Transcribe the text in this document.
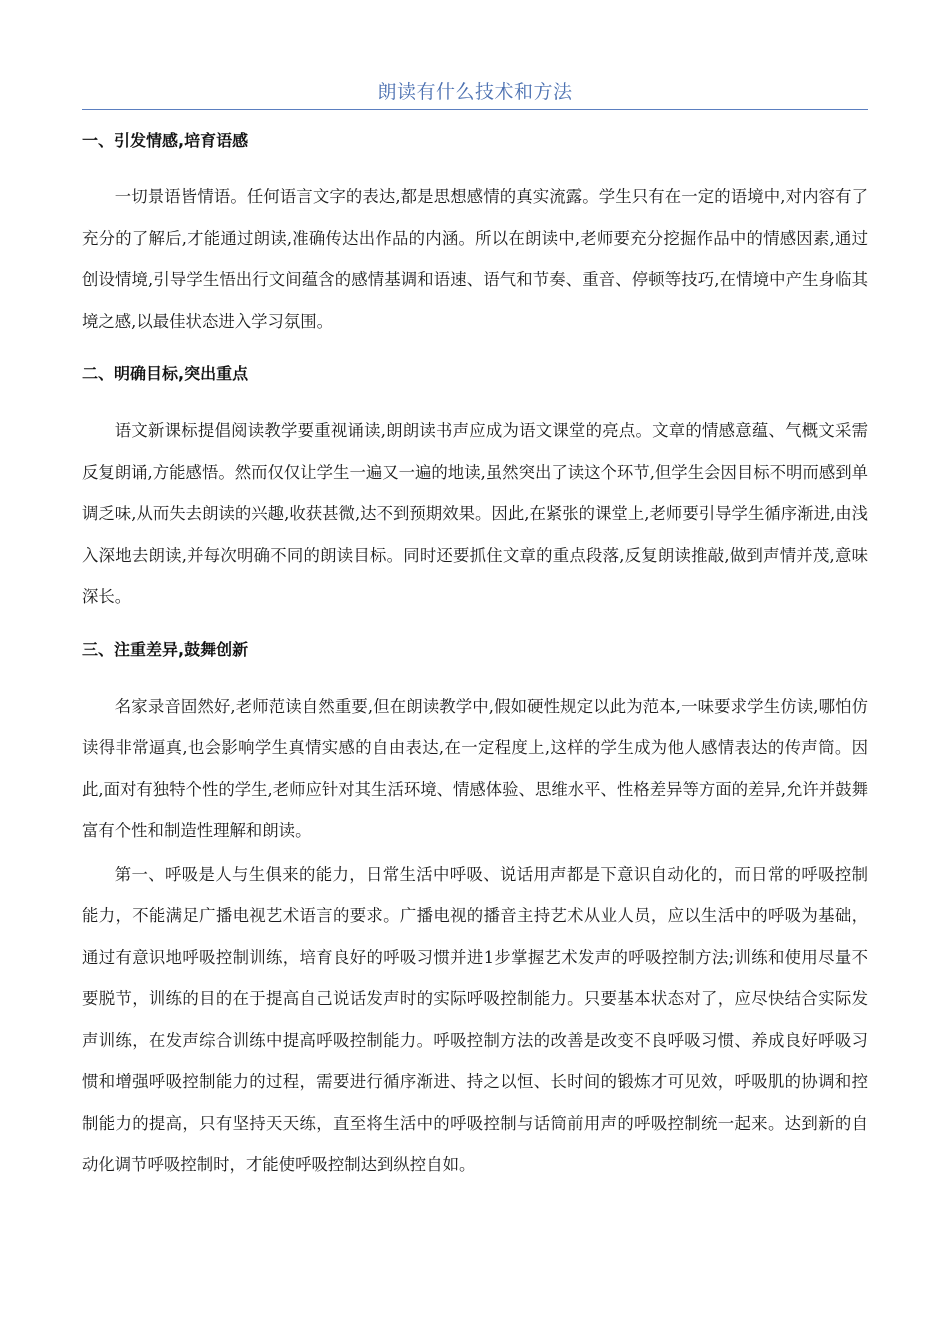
朗读有什么技术和方法
一、引发情感,培育语感

一切景语皆情语。任何语言文字的表达,都是思想感情的真实流露。学生只有在一定的语境中,对内容有了充分的了解后,才能通过朗读,准确传达出作品的内涵。所以在朗读中,老师要充分挖掘作品中的情感因素,通过创设情境,引导学生悟出行文间蕴含的感情基调和语速、语气和节奏、重音、停顿等技巧,在情境中产生身临其境之感,以最佳状态进入学习氛围。

二、明确目标,突出重点

语文新课标提倡阅读教学要重视诵读,朗朗读书声应成为语文课堂的亮点。文章的情感意蕴、气概文采需反复朗诵,方能感悟。然而仅仅让学生一遍又一遍的地读,虽然突出了读这个环节,但学生会因目标不明而感到单调乏味,从而失去朗读的兴趣,收获甚微,达不到预期效果。因此,在紧张的课堂上,老师要引导学生循序渐进,由浅入深地去朗读,并每次明确不同的朗读目标。同时还要抓住文章的重点段落,反复朗读推敲,做到声情并茂,意味深长。

三、注重差异,鼓舞创新

名家录音固然好,老师范读自然重要,但在朗读教学中,假如硬性规定以此为范本,一味要求学生仿读,哪怕仿读得非常逼真,也会影响学生真情实感的自由表达,在一定程度上,这样的学生成为他人感情表达的传声筒。因此,面对有独特个性的学生,老师应针对其生活环境、情感体验、思维水平、性格差异等方面的差异,允许并鼓舞富有个性和制造性理解和朗读。

第一、呼吸是人与生俱来的能力，日常生活中呼吸、说话用声都是下意识自动化的，而日常的呼吸控制能力，不能满足广播电视艺术语言的要求。广播电视的播音主持艺术从业人员，应以生活中的呼吸为基础，通过有意识地呼吸控制训练，培育良好的呼吸习惯并进1步掌握艺术发声的呼吸控制方法;训练和使用尽量不要脱节，训练的目的在于提高自己说话发声时的实际呼吸控制能力。只要基本状态对了，应尽快结合实际发声训练，在发声综合训练中提高呼吸控制能力。呼吸控制方法的改善是改变不良呼吸习惯、养成良好呼吸习惯和增强呼吸控制能力的过程，需要进行循序渐进、持之以恒、长时间的锻炼才可见效，呼吸肌的协调和控制能力的提高，只有坚持天天练，直至将生活中的呼吸控制与话筒前用声的呼吸控制统一起来。达到新的自动化调节呼吸控制时，才能使呼吸控制达到纵控自如。
